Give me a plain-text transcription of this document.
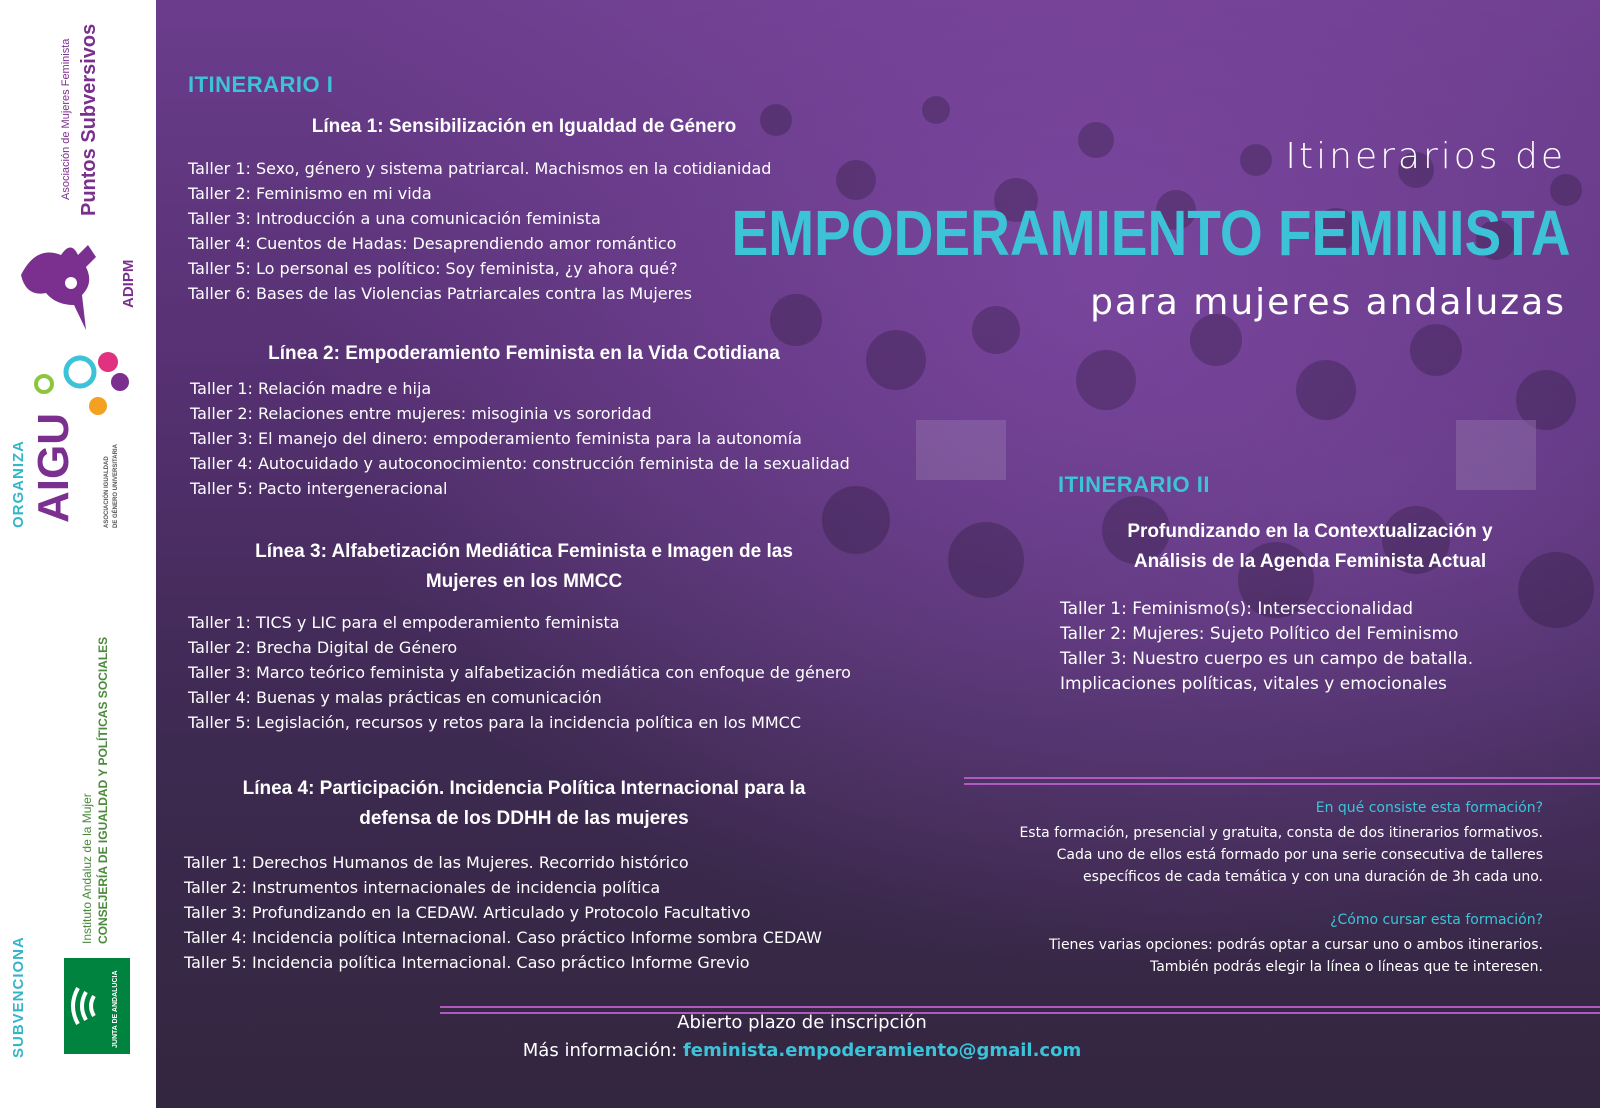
Asociación de Mujeres Feminista Puntos Subversivos
ADIPM
AIGU	ASOCIACIÓN IGUALDAD DE GÉNERO UNIVERSITARIA
ORGANIZA
Instituto Andaluz de la Mujer CONSEJERÍA DE IGUALDAD Y POLÍTICAS SOCIALES
JUNTA DE ANDALUCIA
SUBVENCIONA
ITINERARIO I
Línea 1: Sensibilización en Igualdad de Género
Taller 1: Sexo, género y sistema patriarcal. Machismos en la cotidianidad
Taller 2: Feminismo en mi vida
Taller 3: Introducción a una comunicación feminista
Taller 4: Cuentos de Hadas: Desaprendiendo amor romántico
Taller 5: Lo personal es político: Soy feminista, ¿y ahora qué?
Taller 6: Bases de las Violencias Patriarcales contra las Mujeres
Línea 2: Empoderamiento Feminista en la Vida Cotidiana
Taller 1: Relación madre e hija
Taller 2: Relaciones entre mujeres: misoginia vs sororidad
Taller 3: El manejo del dinero: empoderamiento feminista para la autonomía
Taller 4: Autocuidado y autoconocimiento: construcción feminista de la sexualidad
Taller 5: Pacto intergeneracional
Línea 3: Alfabetización Mediática Feminista e Imagen de las
Mujeres en los MMCC
Taller 1: TICS y LIC para el empoderamiento feminista
Taller 2: Brecha Digital de Género
Taller 3: Marco teórico feminista y alfabetización mediática con enfoque de género
Taller 4: Buenas y malas prácticas en comunicación
Taller 5: Legislación, recursos y retos para la incidencia política en los MMCC
Línea 4: Participación. Incidencia Política Internacional para la
defensa de los DDHH de las mujeres
Taller 1: Derechos Humanos de las Mujeres. Recorrido histórico
Taller 2: Instrumentos internacionales de incidencia política
Taller 3: Profundizando en la CEDAW. Articulado y Protocolo Facultativo
Taller 4: Incidencia política Internacional. Caso práctico Informe sombra CEDAW
Taller 5: Incidencia política Internacional. Caso práctico Informe Grevio
Itinerarios de
EMPODERAMIENTO FEMINISTA
para mujeres andaluzas
ITINERARIO II
Profundizando en la Contextualización y
Análisis de la Agenda Feminista Actual
Taller 1: Feminismo(s): Interseccionalidad
Taller 2: Mujeres: Sujeto Político del Feminismo
Taller 3: Nuestro cuerpo es un campo de batalla.
Implicaciones políticas, vitales y emocionales
En qué consiste esta formación?

Esta formación, presencial y gratuita, consta de dos itinerarios formativos.
Cada uno de ellos está formado por una serie consecutiva de talleres
específicos de cada temática y con una duración de 3h cada uno.

¿Cómo cursar esta formación?

Tienes varias opciones: podrás optar a cursar uno o ambos itinerarios.
También podrás elegir la línea o líneas que te interesen.

Abierto plazo de inscripción
Más información: feminista.empoderamiento@gmail.com
